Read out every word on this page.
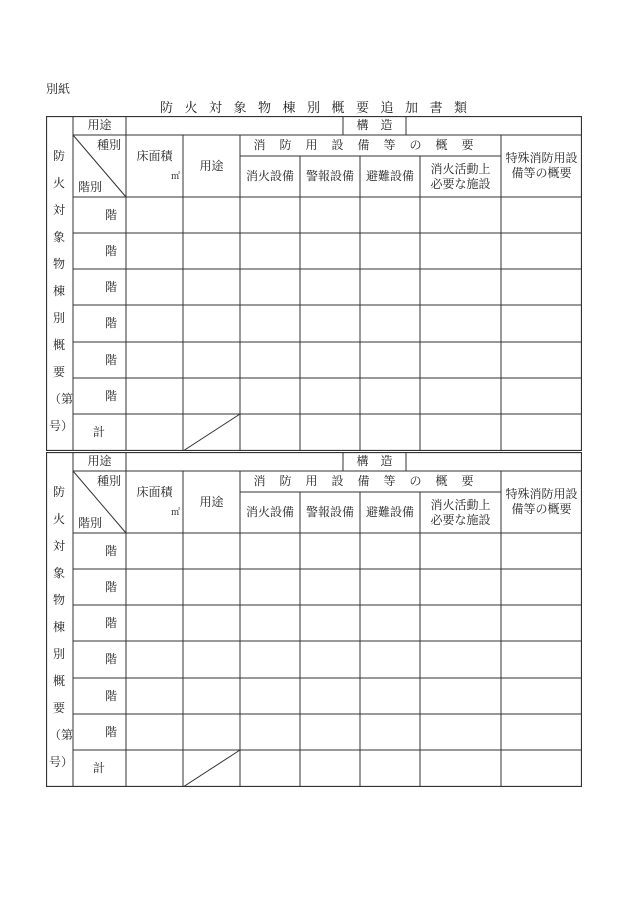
別紙
防火対象物棟別概要追加書類
防
火
対
象
物
棟
別
概
要
（第
号）
用途	構　造
種別
階別
床面積
㎡
用途
消防用設備等の概要
消火設備 警報設備 避難設備
消火活動上
必要な施設
特殊消防用設
備等の概要
階
階
階
階
階
階
計
防
火
対
象
物
棟
別
概
要
（第
号）
用途	構　造
種別
階別
床面積
㎡
用途
消防用設備等の概要
消火設備 警報設備 避難設備
消火活動上
必要な施設
特殊消防用設
備等の概要
階
階
階
階
階
階
計
